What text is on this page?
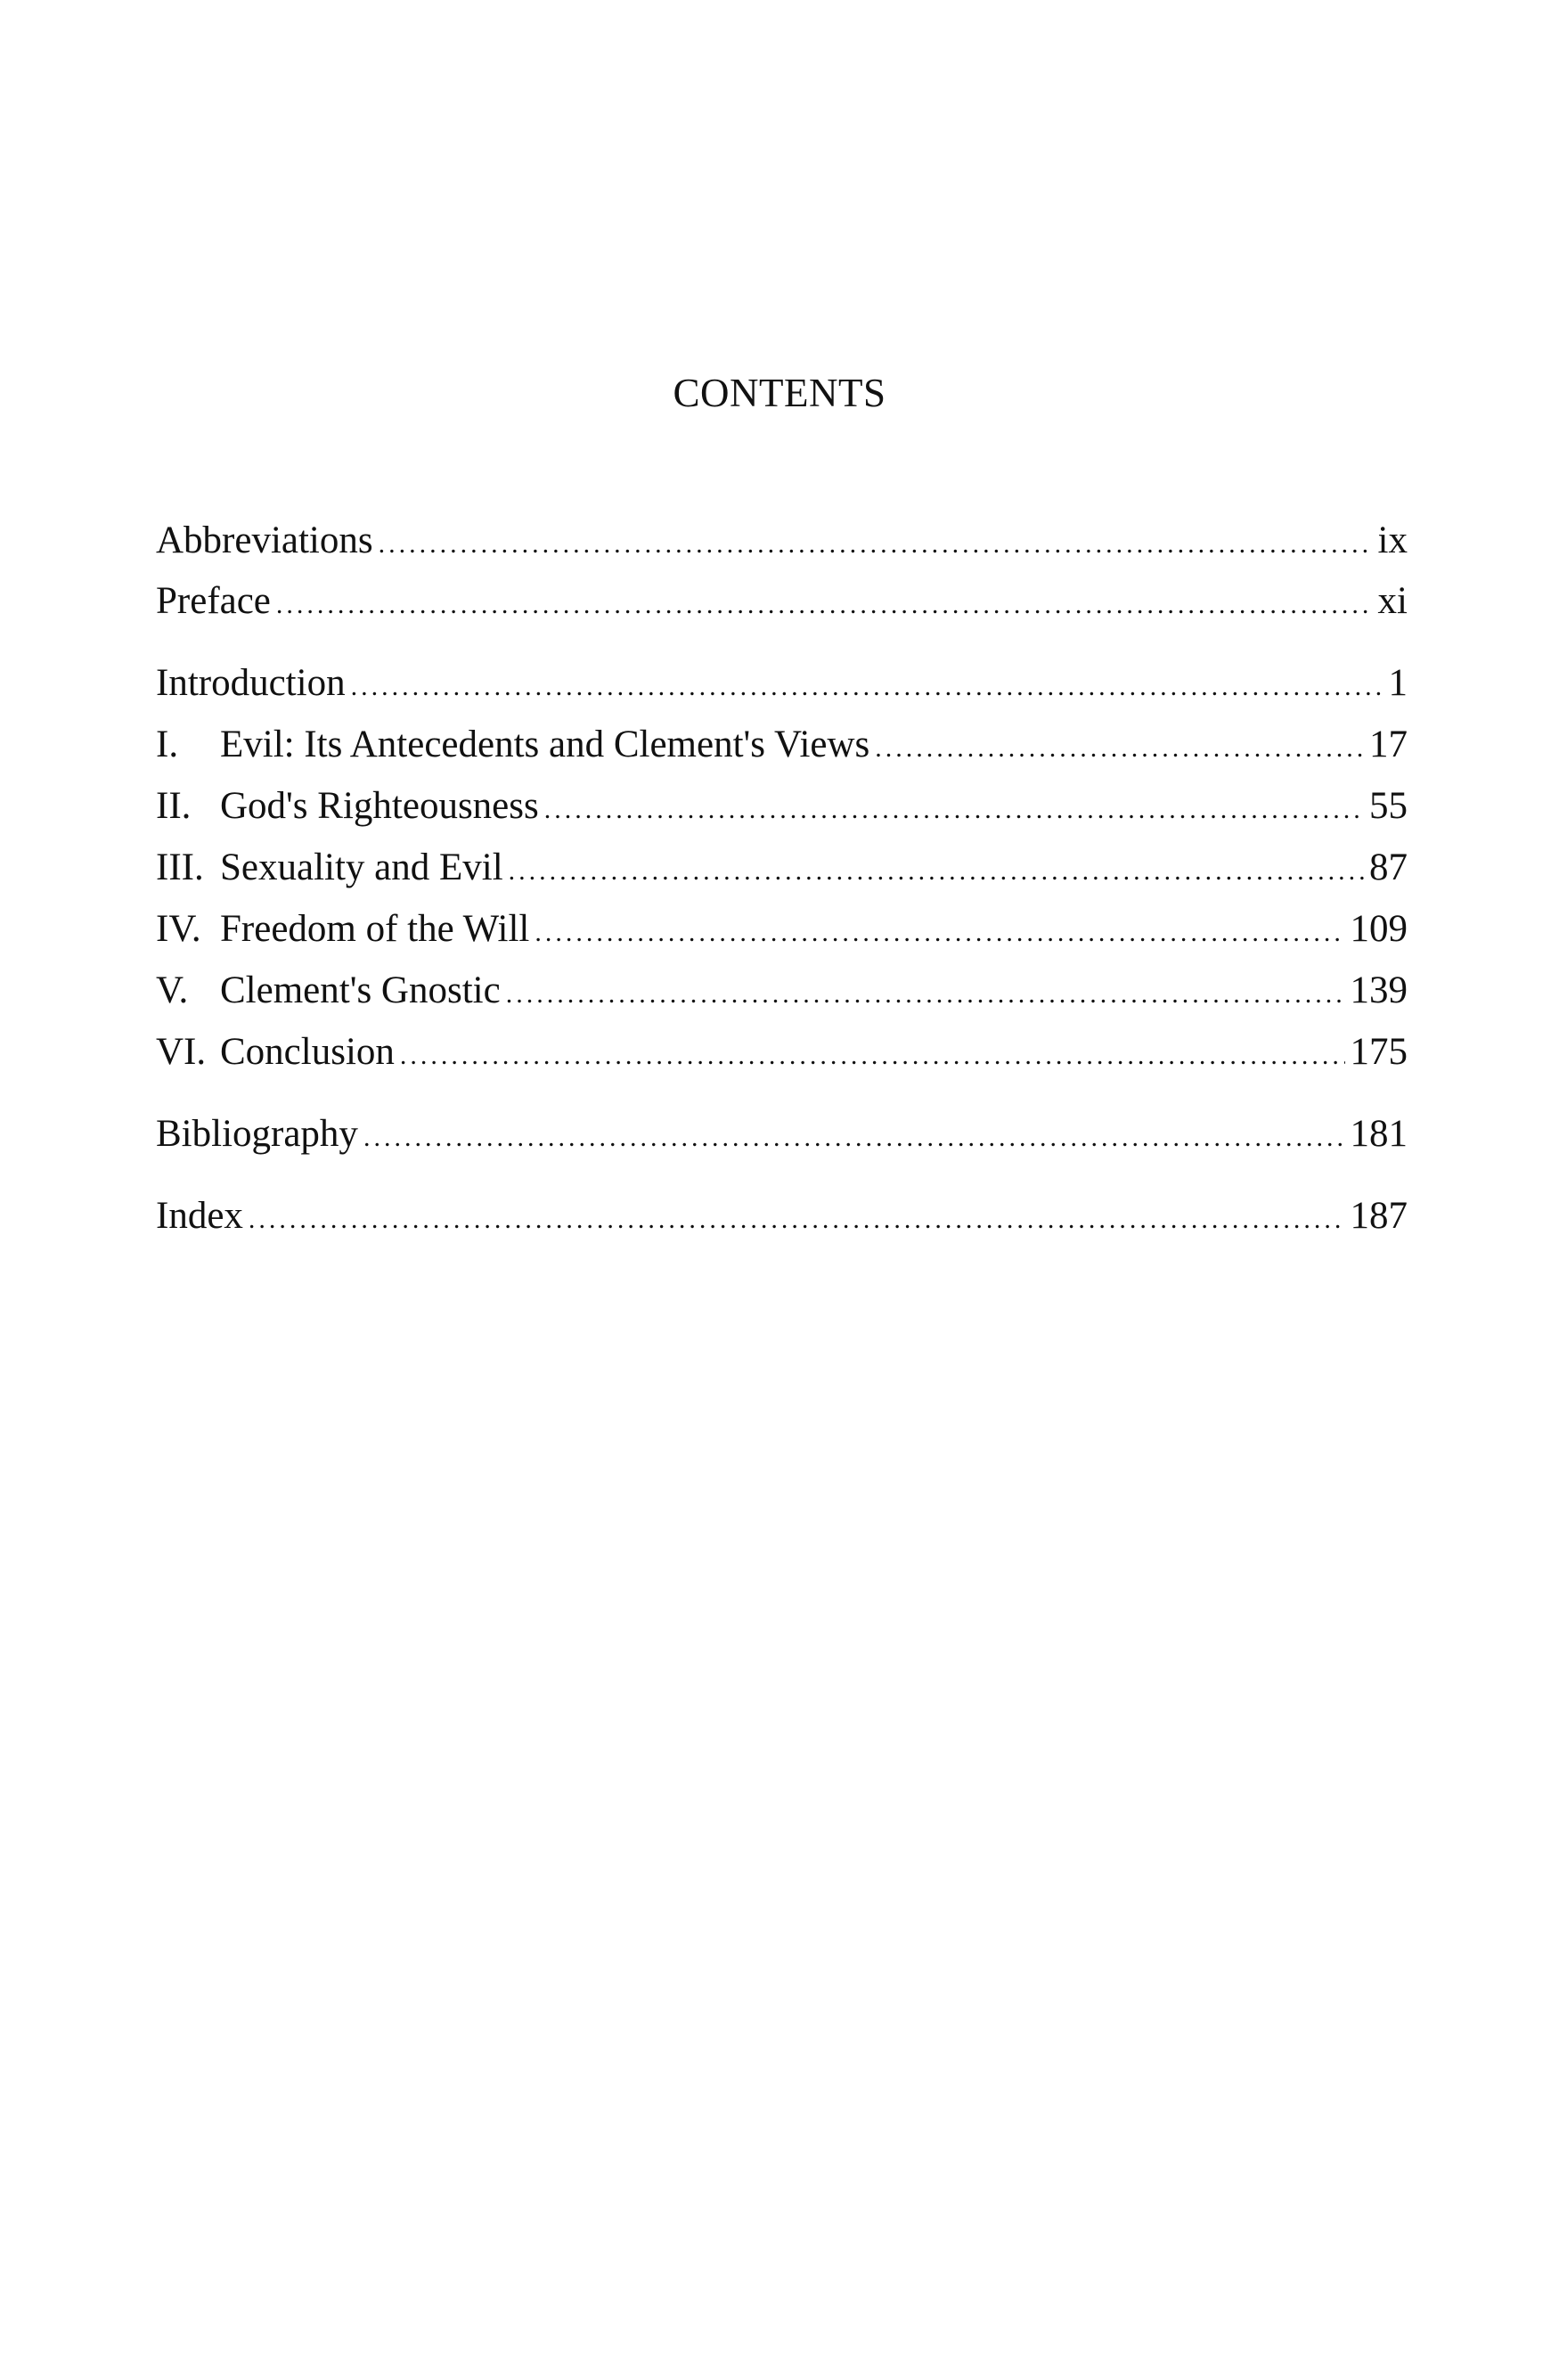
CONTENTS
Abbreviations .....	ix
Preface .....	xi
Introduction .....	1
I.	Evil: Its Antecedents and Clement's Views .....	17
II. God's Righteousness .....	55
III. Sexuality and Evil .....	87
IV. Freedom of the Will .....	109
V. Clement's Gnostic .....	139
VI. Conclusion .....	175
Bibliography .....	181
Index .....	187
